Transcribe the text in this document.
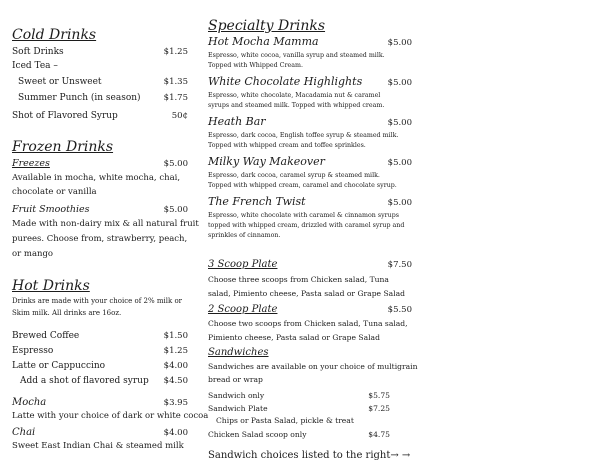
Cold Drinks
Soft Drinks	$1.25
Iced Tea –
Sweet or Unsweet	$1.35
Summer Punch (in season)	$1.75
Shot of Flavored Syrup	50¢
Frozen Drinks
Freezes	$5.00
Available in mocha, white mocha, chai,
chocolate or vanilla
Fruit Smoothies	$5.00
Made with non-dairy mix & all natural fruit
purees. Choose from, strawberry, peach,
or mango
Hot Drinks
Drinks are made with your choice of 2% milk or
Skim milk. All drinks are 16oz.
Brewed Coffee	$1.50
Espresso	$1.25
Latte or Cappuccino	$4.00
Add a shot of flavored syrup $4.50
Mocha	$3.95
Latte with your choice of dark or white cocoa
Chai	$4.00
Sweet East Indian Chai & steamed milk
Specialty Drinks
Hot Mocha Mamma	$5.00
Espresso, white cocoa, vanilla syrup and steamed milk.
Topped with Whipped Cream.
White Chocolate Highlights	$5.00
Espresso, white chocolate, Macadamia nut & caramel
syrups and steamed milk. Topped with whipped cream.
Heath Bar	$5.00
Espresso, dark cocoa, English toffee syrup & steamed milk.
Topped with whipped cream and toffee sprinkles.
Milky Way Makeover	$5.00
Espresso, dark cocoa, caramel syrup & steamed milk.
Topped with whipped cream, caramel and chocolate syrup.
The French Twist	$5.00
Espresso, white chocolate with caramel & cinnamon syrups
topped with whipped cream, drizzled with caramel syrup and
sprinkles of cinnamon.
3 Scoop Plate	$7.50
Choose three scoops from Chicken salad, Tuna
salad, Pimiento cheese, Pasta salad or Grape Salad
2 Scoop Plate	$5.50
Choose two scoops from Chicken salad, Tuna salad,
Pimiento cheese, Pasta salad or Grape Salad
Sandwiches
Sandwiches are available on your choice of multigrain
bread or wrap
Sandwich only	$5.75
Sandwich Plate	$7.25
Chips or Pasta Salad, pickle & treat
Chicken Salad scoop only	$4.75
Sandwich choices listed to the right→ →
